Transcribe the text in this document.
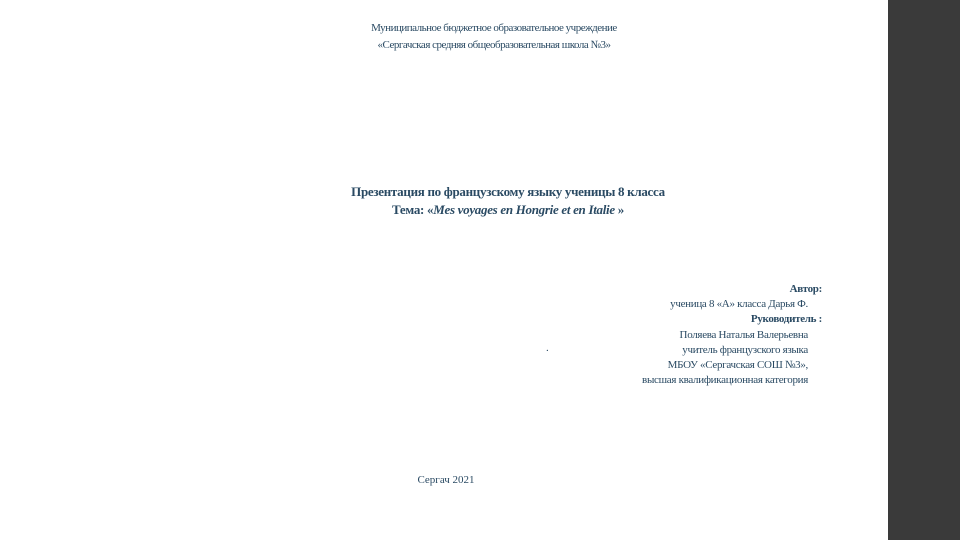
Муниципальное бюджетное образовательное учреждение
«Сергачская средняя общеобразовательная школа №3»
Презентация по французскому языку ученицы 8 класса
Тема: «Mes voyages en Hongrie et en Italie »
Автор:
ученица 8 «А» класса Дарья Ф.
Руководитель :
Поляева Наталья Валерьевна
учитель французского языка
МБОУ «Сергачская СОШ №3»,
высшая квалификационная категория
.
Сергач 2021
